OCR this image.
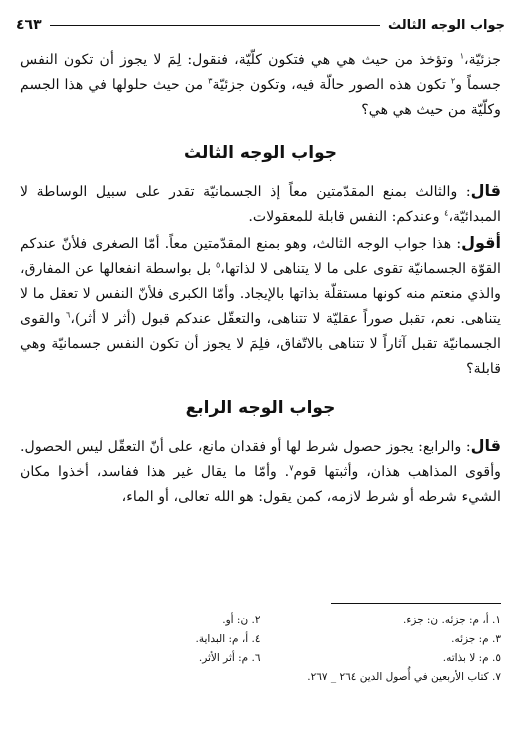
جواب الوجه الثالث
٤٦٣

جزئيّة،$^١$ وتؤخذ من حيث هي هي فتكون كلّيّة، فنقول: لِمَ لا يجوز أن تكون النفس جسماً و$^٢$ تكون هذه الصور حالّة فيه، وتكون جزئيّة$^٣$ من حيث حلولها في هذا الجسم وكلّيّة من حيث هي هي؟

جواب الوجه الثالث

قال: والثالث بمنع المقدّمتين معاً إذ الجسمانيّة تقدر على سبيل الوساطة لا المبدائيّة،$^٤$ وعندكم: النفس قابلة للمعقولات.

أقول: هذا جواب الوجه الثالث، وهو بمنع المقدّمتين معاً. أمّا الصغرى فلأنّ عندكم القوّة الجسمانيّة تقوى على ما لا يتناهى لا لذاتها،$^٥$ بل بواسطة انفعالها عن المفارق، والذي منعتم منه كونها مستقلّة بذاتها بالإيجاد. وأمّا الكبرى فلأنّ النفس لا تعقل ما لا يتناهى. نعم، تقبل صوراً عقليّة لا تتناهى، والتعقّل عندكم قبول (أثر لا أثر)،$^٦$ والقوى الجسمانيّة تقبل آثاراً لا تتناهى بالاتّفاق، فلِمَ لا يجوز أن تكون النفس جسمانيّة وهي قابلة؟

جواب الوجه الرابع

قال: والرابع: يجوز حصول شرط لها أو فقدان مانع، على أنّ التعقّل ليس الحصول. وأقوى المذاهب هذان، وأثبتها قوم$^٧$. وأمّا ما يقال غير هذا ففاسد، أخذوا مكان الشيء شرطه أو شرط لازمه، كمن يقول: هو الله تعالى، أو الماء،

١. أ، م: جزئه. ن: جزء.
٢. ن: أو.
٣. م: جزئه.
٤. أ، م: البداية.
٥. م: لا بذاته.
٦. م: أثر الأثر.
٧. كتاب الأربعين في أُصول الدين ٢٦٤ _ ٢٦٧.
